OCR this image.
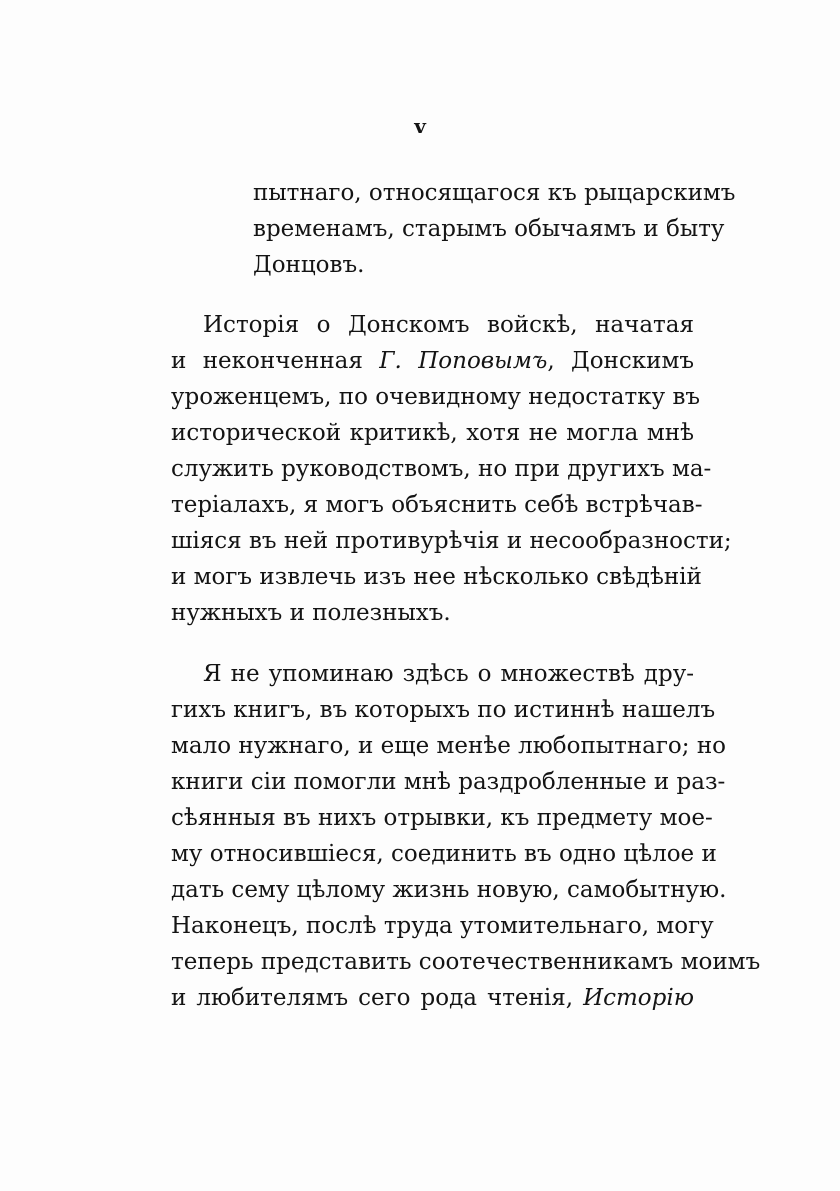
v
пытнаго, относящагося къ рыцарскимъ
временамъ, старымъ обычаямъ и быту
Донцовъ.
Исторія о Донскомъ войскѣ, начатая
и неконченная Г. Поповымъ, Донскимъ
уроженцемъ, по очевидному недостатку въ
исторической критикѣ, хотя не могла мнѣ
служить руководствомъ, но при другихъ ма-
теріалахъ, я могъ объяснить себѣ встрѣчав-
шіяся въ ней противурѣчія и несообразности;
и могъ извлечь изъ нее нѣсколько свѣдѣній
нужныхъ и полезныхъ.
Я не упоминаю здѣсь о множествѣ дру-
гихъ книгъ, въ которыхъ по истиннѣ нашелъ
мало нужнаго, и еще менѣе любопытнаго; но
книги сіи помогли мнѣ раздробленные и раз-
сѣянныя въ нихъ отрывки, къ предмету мое-
му относившіеся, соединить въ одно цѣлое и
дать сему цѣлому жизнь новую, самобытную.
Наконецъ, послѣ труда утомительнаго, могу
теперь представить соотечественникамъ моимъ
и любителямъ сего рода чтенія, Исторію
